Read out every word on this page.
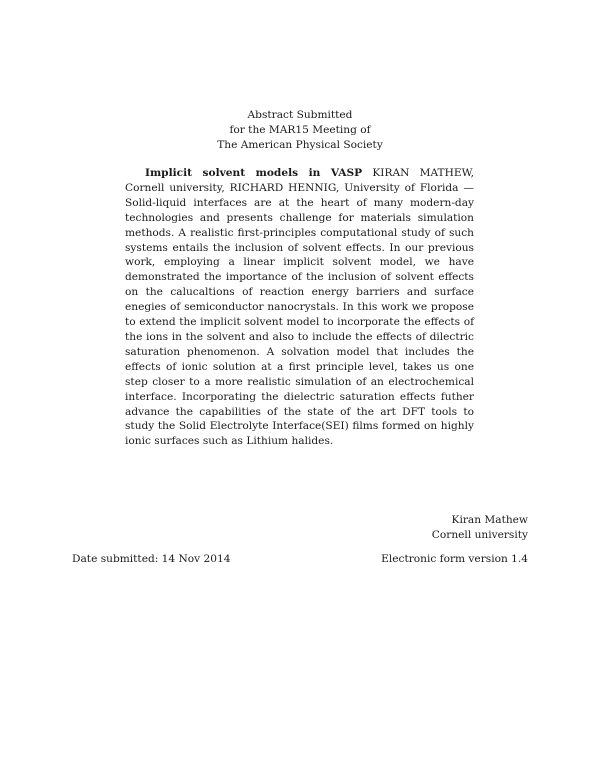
Abstract Submitted
for the MAR15 Meeting of
The American Physical Society
Implicit solvent models in VASP KIRAN MATHEW, Cornell university, RICHARD HENNIG, University of Florida — Solid-liquid interfaces are at the heart of many modern-day technologies and presents challenge for materials simulation methods. A realistic first-principles computational study of such systems entails the inclusion of solvent effects. In our previous work, employing a linear implicit solvent model, we have demonstrated the importance of the inclusion of solvent effects on the calucaltions of reaction energy barriers and surface enegies of semiconductor nanocrystals. In this work we propose to extend the implicit solvent model to incorporate the effects of the ions in the solvent and also to include the effects of dilectric saturation phenomenon. A solvation model that includes the effects of ionic solution at a first principle level, takes us one step closer to a more realistic simulation of an electrochemical interface. Incorporating the dielectric saturation effects futher advance the capabilities of the state of the art DFT tools to study the Solid Electrolyte Interface(SEI) films formed on highly ionic surfaces such as Lithium halides.
Kiran Mathew
Cornell university
Date submitted: 14 Nov 2014	Electronic form version 1.4
